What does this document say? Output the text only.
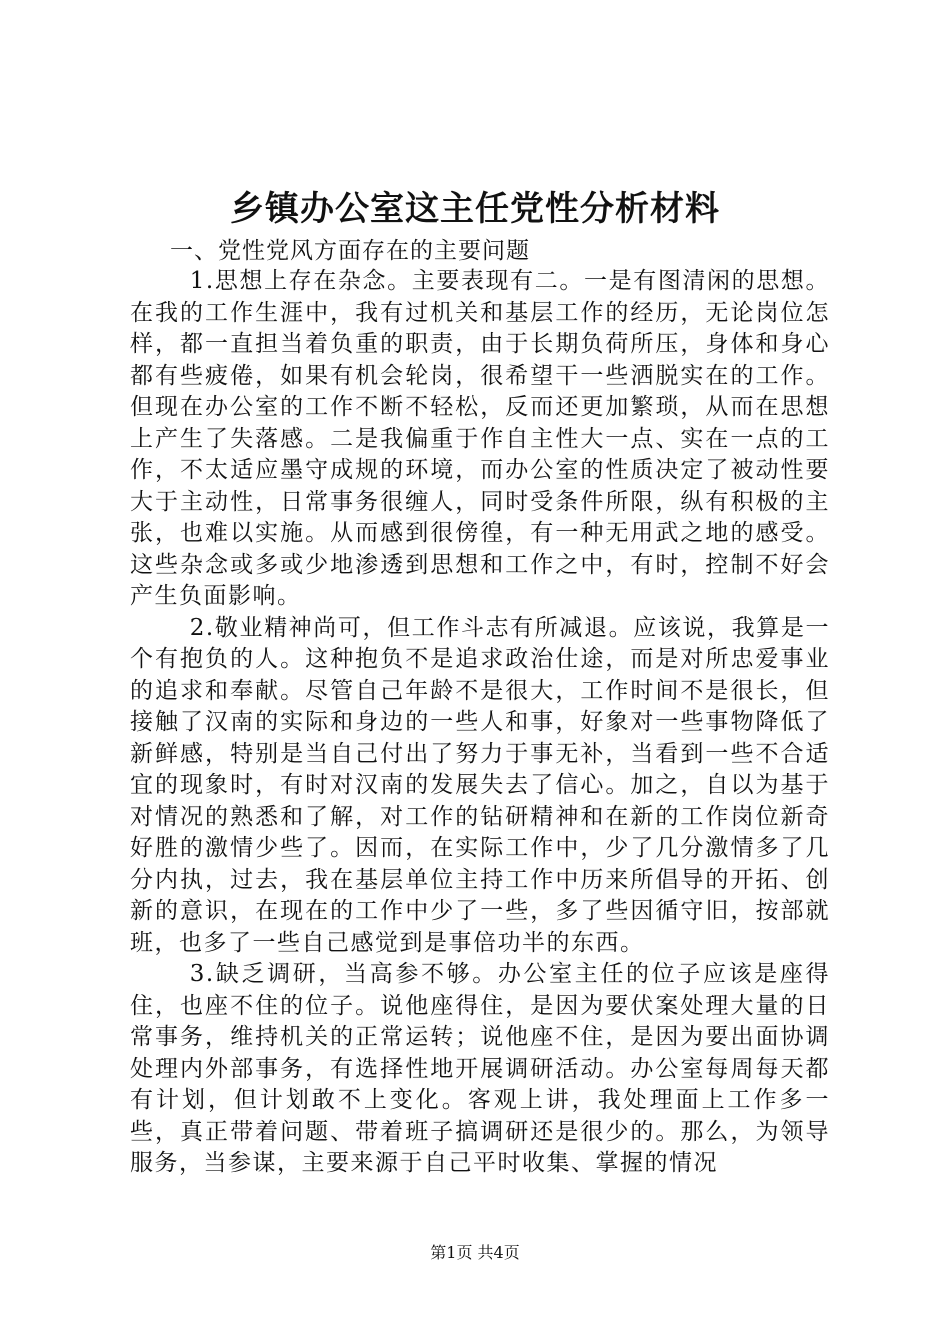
乡镇办公室这主任党性分析材料
一、党性党风方面存在的主要问题

1.思想上存在杂念。主要表现有二。一是有图清闲的思想。在我的工作生涯中，我有过机关和基层工作的经历，无论岗位怎样，都一直担当着负重的职责，由于长期负荷所压，身体和身心都有些疲倦，如果有机会轮岗，很希望干一些洒脱实在的工作。但现在办公室的工作不断不轻松，反而还更加繁琐，从而在思想上产生了失落感。二是我偏重于作自主性大一点、实在一点的工作，不太适应墨守成规的环境，而办公室的性质决定了被动性要大于主动性，日常事务很缠人，同时受条件所限，纵有积极的主张，也难以实施。从而感到很傍徨，有一种无用武之地的感受。这些杂念或多或少地渗透到思想和工作之中，有时，控制不好会产生负面影响。

2.敬业精神尚可，但工作斗志有所减退。应该说，我算是一个有抱负的人。这种抱负不是追求政治仕途，而是对所忠爱事业的追求和奉献。尽管自己年龄不是很大，工作时间不是很长，但接触了汉南的实际和身边的一些人和事，好象对一些事物降低了新鲜感，特别是当自己付出了努力于事无补，当看到一些不合适宜的现象时，有时对汉南的发展失去了信心。加之，自以为基于对情况的熟悉和了解，对工作的钻研精神和在新的工作岗位新奇好胜的激情少些了。因而，在实际工作中，少了几分激情多了几分内执，过去，我在基层单位主持工作中历来所倡导的开拓、创新的意识，在现在的工作中少了一些，多了些因循守旧，按部就班，也多了一些自己感觉到是事倍功半的东西。

3.缺乏调研，当高参不够。办公室主任的位子应该是座得住，也座不住的位子。说他座得住，是因为要伏案处理大量的日常事务，维持机关的正常运转；说他座不住，是因为要出面协调处理内外部事务，有选择性地开展调研活动。办公室每周每天都有计划，但计划敢不上变化。客观上讲，我处理面上工作多一些，真正带着问题、带着班子搞调研还是很少的。那么，为领导服务，当参谋，主要来源于自己平时收集、掌握的情况

第1页 共4页
